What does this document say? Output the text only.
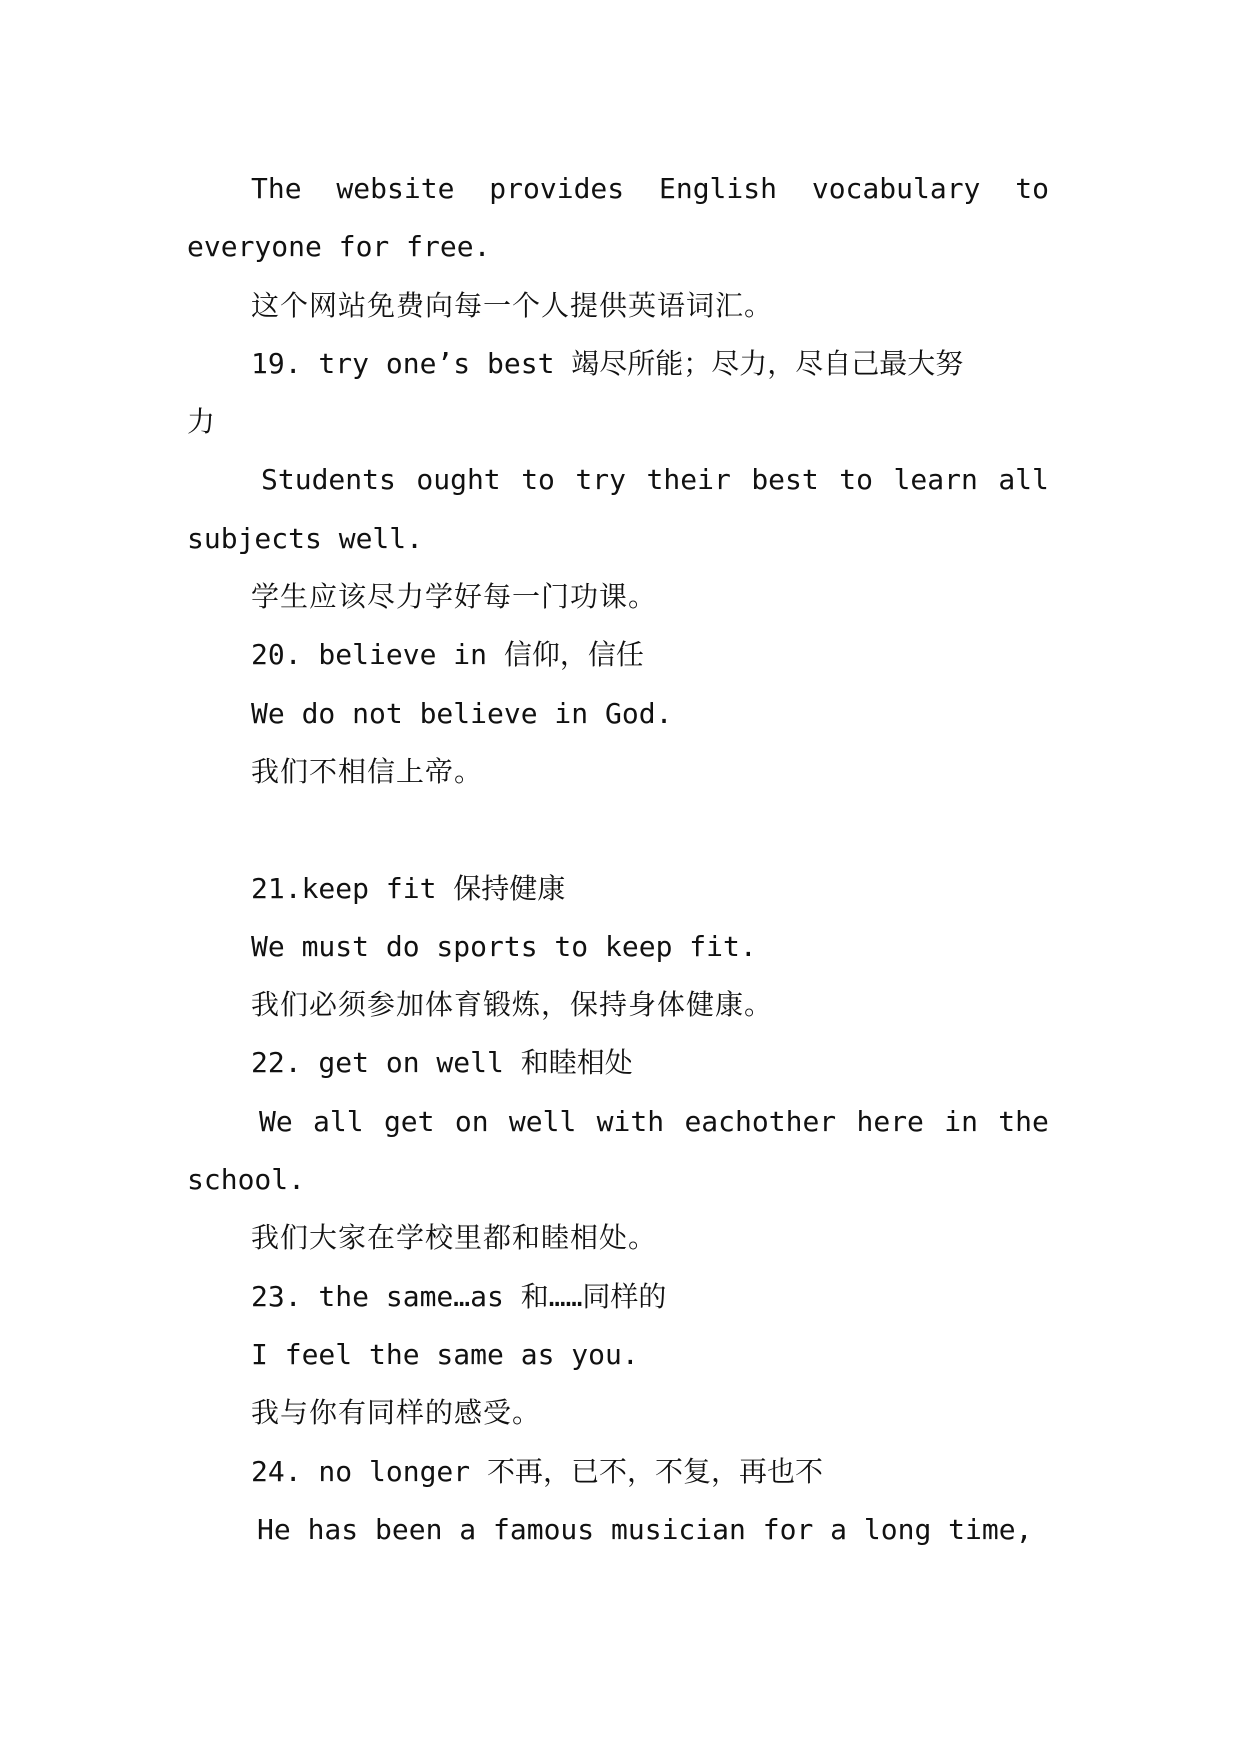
The website provides English vocabulary to
everyone for free.
这个网站免费向每一个人提供英语词汇。
19. try one’s best 竭尽所能；尽力，尽自己最大努
力
Students ought to try their best to learn all
subjects well.
学生应该尽力学好每一门功课。
20. believe in 信仰，信任
We do not believe in God.
我们不相信上帝。
21.keep fit 保持健康
We must do sports to keep fit.
我们必须参加体育锻炼，保持身体健康。
22. get on well 和睦相处
We all get on well with eachother here in the
school.
我们大家在学校里都和睦相处。
23. the same…as 和……同样的
I feel the same as you.
我与你有同样的感受。
24. no longer 不再，已不，不复，再也不
He has been a famous musician for a long time,
